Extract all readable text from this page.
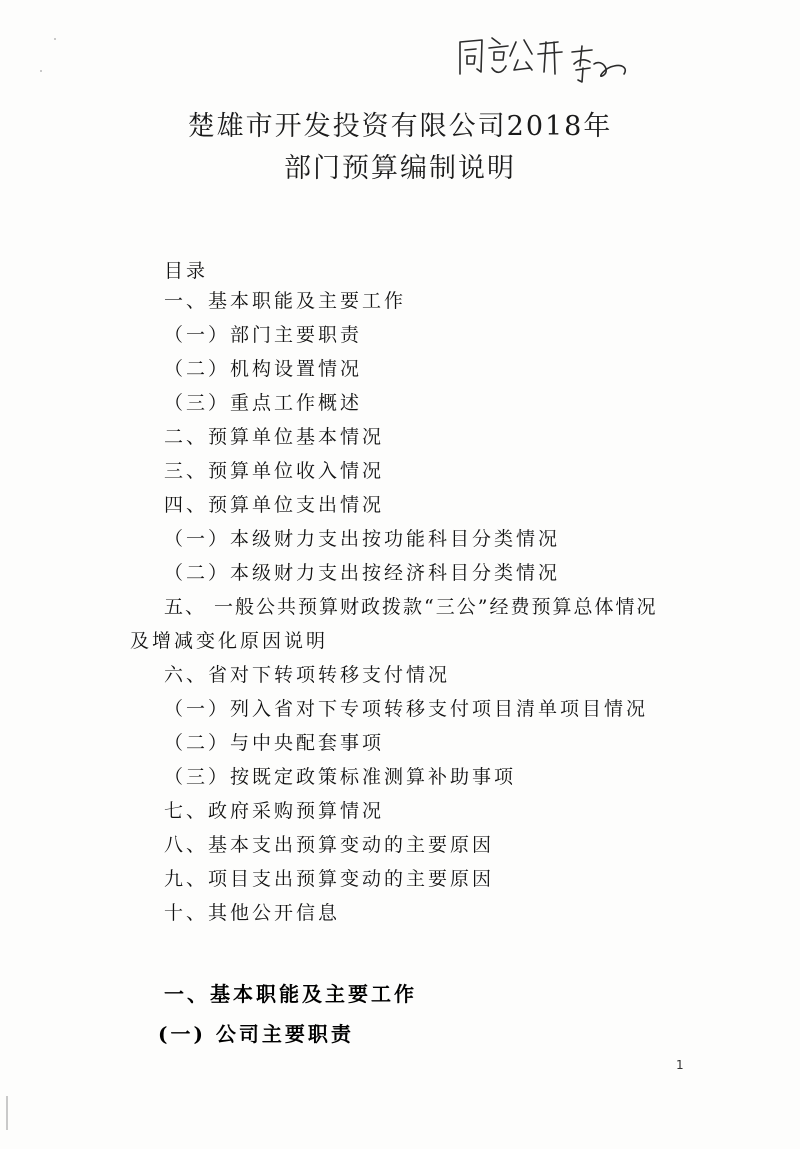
楚雄市开发投资有限公司2018年
部门预算编制说明
目录
一、基本职能及主要工作
（一）部门主要职责
（二）机构设置情况
（三）重点工作概述
二、预算单位基本情况
三、预算单位收入情况
四、预算单位支出情况
（一）本级财力支出按功能科目分类情况
（二）本级财力支出按经济科目分类情况
五、 一般公共预算财政拨款“三公”经费预算总体情况
及增减变化原因说明
六、省对下转项转移支付情况
（一）列入省对下专项转移支付项目清单项目情况
（二）与中央配套事项
（三）按既定政策标准测算补助事项
七、政府采购预算情况
八、基本支出预算变动的主要原因
九、项目支出预算变动的主要原因
十、其他公开信息
一、基本职能及主要工作
(一) 公司主要职责
1
